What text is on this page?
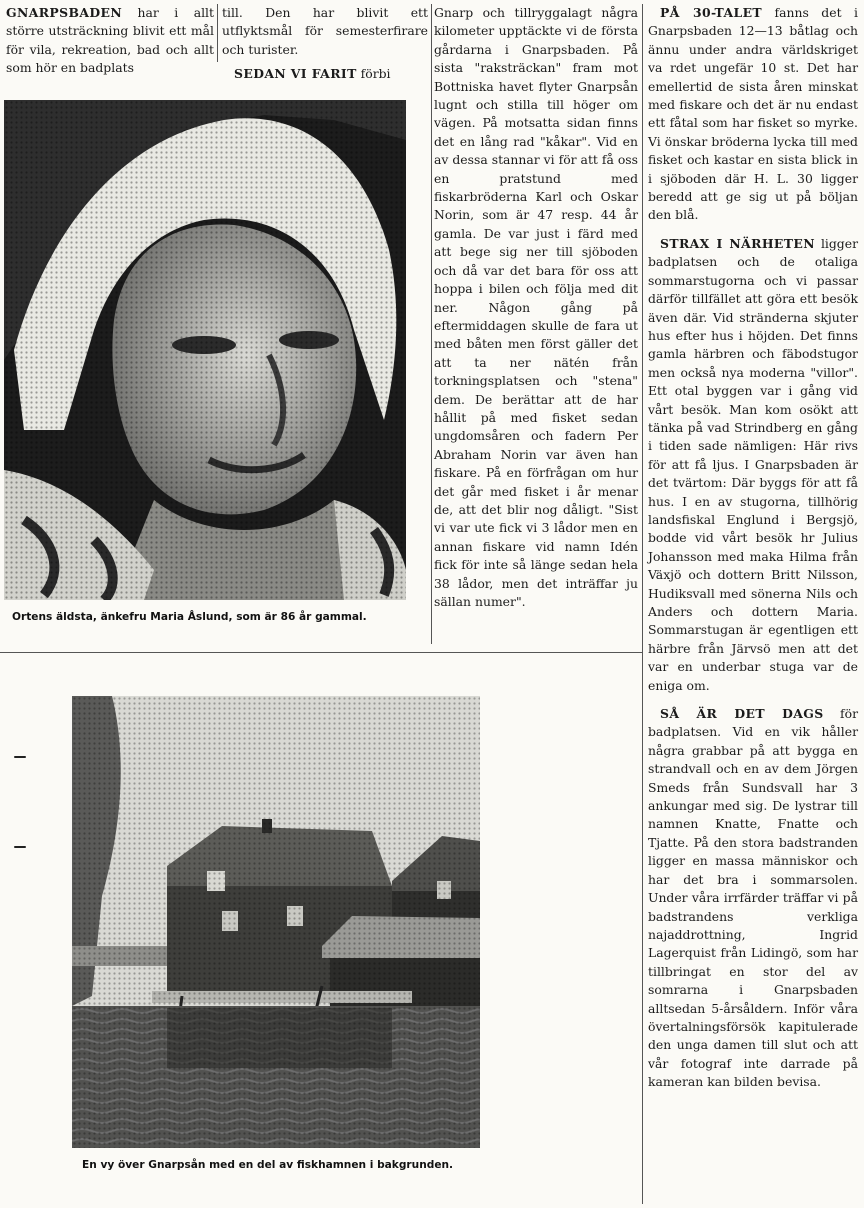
GNARPSBADEN har i allt större utsträckning blivit ett mål för vila, rekreation, bad och allt som hör en badplats

till. Den har blivit ett utflyktsmål för semesterfirare och turister.

SEDAN VI FARIT förbi

Ortens äldsta, änkefru Maria Åslund, som är 86 år gammal.

Gnarp och tillryggalagt några kilometer upptäckte vi de första gårdarna i Gnarpsbaden. På sista "raksträckan" fram mot Bottniska havet flyter Gnarpsån lugnt och stilla till höger om vägen. På motsatta sidan finns det en lång rad "kåkar". Vid en av dessa stannar vi för att få oss en pratstund med fiskarbröderna Karl och Oskar Norin, som är 47 resp. 44 år gamla. De var just i färd med att bege sig ner till sjöboden och då var det bara för oss att hoppa i bilen och följa med dit ner. Någon gång på eftermiddagen skulle de fara ut med båten men först gäller det att ta ner nätén från torkningsplatsen och "stena" dem. De berättar att de har hållit på med fisket sedan ungdomsåren och fadern Per Abraham Norin var även han fiskare. På en förfrågan om hur det går med fisket i år menar de, att det blir nog dåligt. "Sist vi var ute fick vi 3 lådor men en annan fiskare vid namn Idén fick för inte så länge sedan hela 38 lådor, men det inträffar ju sällan numer".

PÅ 30-TALET fanns det i Gnarpsbaden 12—13 båtlag och ännu under andra världskriget va rdet ungefär 10 st. Det har emellertid de sista åren minskat med fiskare och det är nu endast ett fåtal som har fisket so myrke. Vi önskar bröderna lycka till med fisket och kastar en sista blick in i sjöboden där H. L. 30 ligger beredd att ge sig ut på böljan den blå.

STRAX I NÄRHETEN ligger badplatsen och de otaliga sommarstugorna och vi passar därför tillfället att göra ett besök även där. Vid stränderna skjuter hus efter hus i höjden. Det finns gamla härbren och fäbodstugor men också nya moderna "villor". Ett otal byggen var i gång vid vårt besök. Man kom osökt att tänka på vad Strindberg en gång i tiden sade nämligen: Här rivs för att få ljus. I Gnarpsbaden är det tvärtom: Där byggs för att få hus. I en av stugorna, tillhörig landsfiskal Englund i Bergsjö, bodde vid vårt besök hr Julius Johansson med maka Hilma från Växjö och dottern Britt Nilsson, Hudiksvall med sönerna Nils och Anders och dottern Maria. Sommarstugan är egentligen ett härbre från Järvsö men att det var en underbar stuga var de eniga om.

SÅ ÄR DET DAGS för badplatsen. Vid en vik håller några grabbar på att bygga en strandvall och en av dem Jörgen Smeds från Sundsvall har 3 ankungar med sig. De lystrar till namnen Knatte, Fnatte och Tjatte. På den stora badstranden ligger en massa människor och har det bra i sommarsolen. Under våra irrfärder träffar vi på badstrandens verkliga najaddrottning, Ingrid Lagerquist från Lidingö, som har tillbringat en stor del av somrarna i Gnarpsbaden alltsedan 5-årsåldern. Inför våra övertalningsförsök kapitulerade den unga damen till slut och att vår fotograf inte darrade på kameran kan bilden bevisa.

En vy över Gnarpsån med en del av fiskhamnen i bakgrunden.
